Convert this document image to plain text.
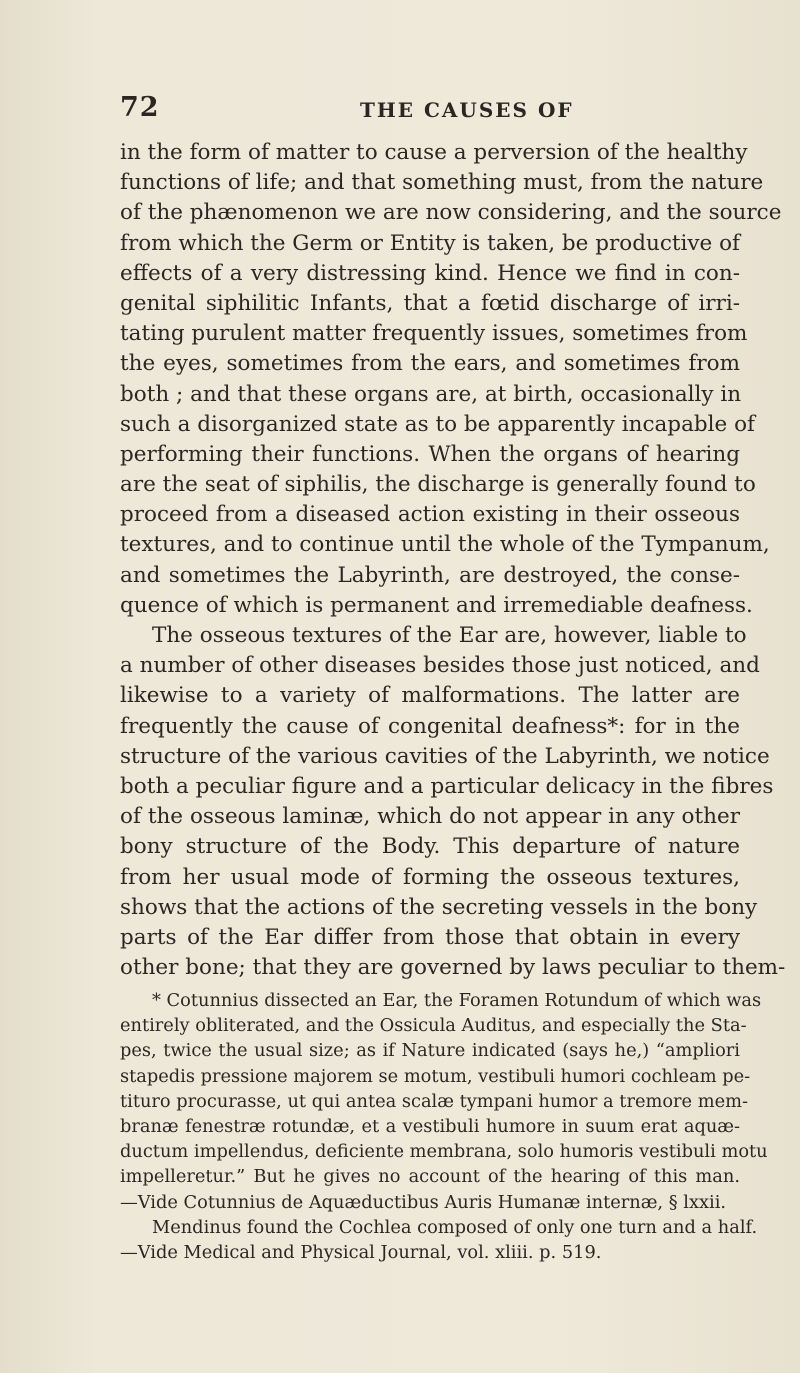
72	THE CAUSES OF
in the form of matter to cause a perversion of the healthy
functions of life; and that something must, from the nature
of the phænomenon we are now considering, and the source
from which the Germ or Entity is taken, be productive of
effects of a very distressing kind. Hence we find in con-
genital siphilitic Infants, that a fœtid discharge of irri-
tating purulent matter frequently issues, sometimes from
the eyes, sometimes from the ears, and sometimes from
both ; and that these organs are, at birth, occasionally in
such a disorganized state as to be apparently incapable of
performing their functions. When the organs of hearing
are the seat of siphilis, the discharge is generally found to
proceed from a diseased action existing in their osseous
textures, and to continue until the whole of the Tympanum,
and sometimes the Labyrinth, are destroyed, the conse-
quence of which is permanent and irremediable deafness.
The osseous textures of the Ear are, however, liable to
a number of other diseases besides those just noticed, and
likewise to a variety of malformations. The latter are
frequently the cause of congenital deafness*: for in the
structure of the various cavities of the Labyrinth, we notice
both a peculiar figure and a particular delicacy in the fibres
of the osseous laminæ, which do not appear in any other
bony structure of the Body. This departure of nature
from her usual mode of forming the osseous textures,
shows that the actions of the secreting vessels in the bony
parts of the Ear differ from those that obtain in every
other bone; that they are governed by laws peculiar to them-
* Cotunnius dissected an Ear, the Foramen Rotundum of which was
entirely obliterated, and the Ossicula Auditus, and especially the Sta-
pes, twice the usual size; as if Nature indicated (says he,) “ampliori
stapedis pressione majorem se motum, vestibuli humori cochleam pe-
tituro procurasse, ut qui antea scalæ tympani humor a tremore mem-
branæ fenestræ rotundæ, et a vestibuli humore in suum erat aquæ-
ductum impellendus, deficiente membrana, solo humoris vestibuli motu
impelleretur.” But he gives no account of the hearing of this man.
—Vide Cotunnius de Aquæductibus Auris Humanæ internæ, § lxxii.
Mendinus found the Cochlea composed of only one turn and a half.
—Vide Medical and Physical Journal, vol. xliii. p. 519.
